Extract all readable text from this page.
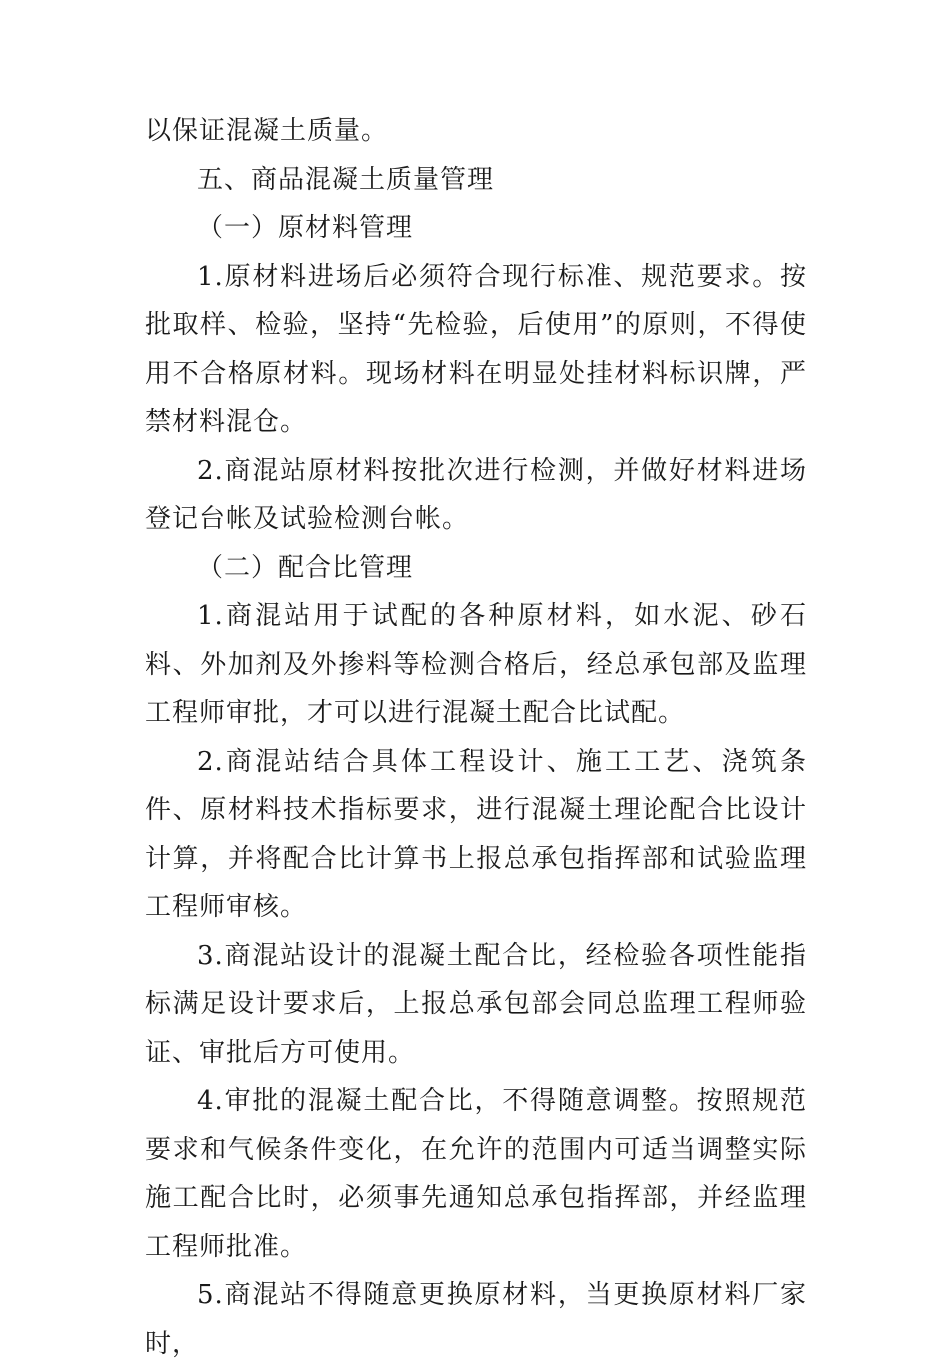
以保证混凝土质量。

五、商品混凝土质量管理

（一）原材料管理

1.原材料进场后必须符合现行标准、规范要求。按批取样、检验，坚持“先检验，后使用”的原则，不得使用不合格原材料。现场材料在明显处挂材料标识牌，严禁材料混仓。

2.商混站原材料按批次进行检测，并做好材料进场登记台帐及试验检测台帐。

（二）配合比管理

1.商混站用于试配的各种原材料，如水泥、砂石料、外加剂及外掺料等检测合格后，经总承包部及监理工程师审批，才可以进行混凝土配合比试配。

2.商混站结合具体工程设计、施工工艺、浇筑条件、原材料技术指标要求，进行混凝土理论配合比设计计算，并将配合比计算书上报总承包指挥部和试验监理工程师审核。

3.商混站设计的混凝土配合比，经检验各项性能指标满足设计要求后，上报总承包部会同总监理工程师验证、审批后方可使用。

4.审批的混凝土配合比，不得随意调整。按照规范要求和气候条件变化，在允许的范围内可适当调整实际施工配合比时，必须事先通知总承包指挥部，并经监理工程师批准。

5.商混站不得随意更换原材料，当更换原材料厂家时，
